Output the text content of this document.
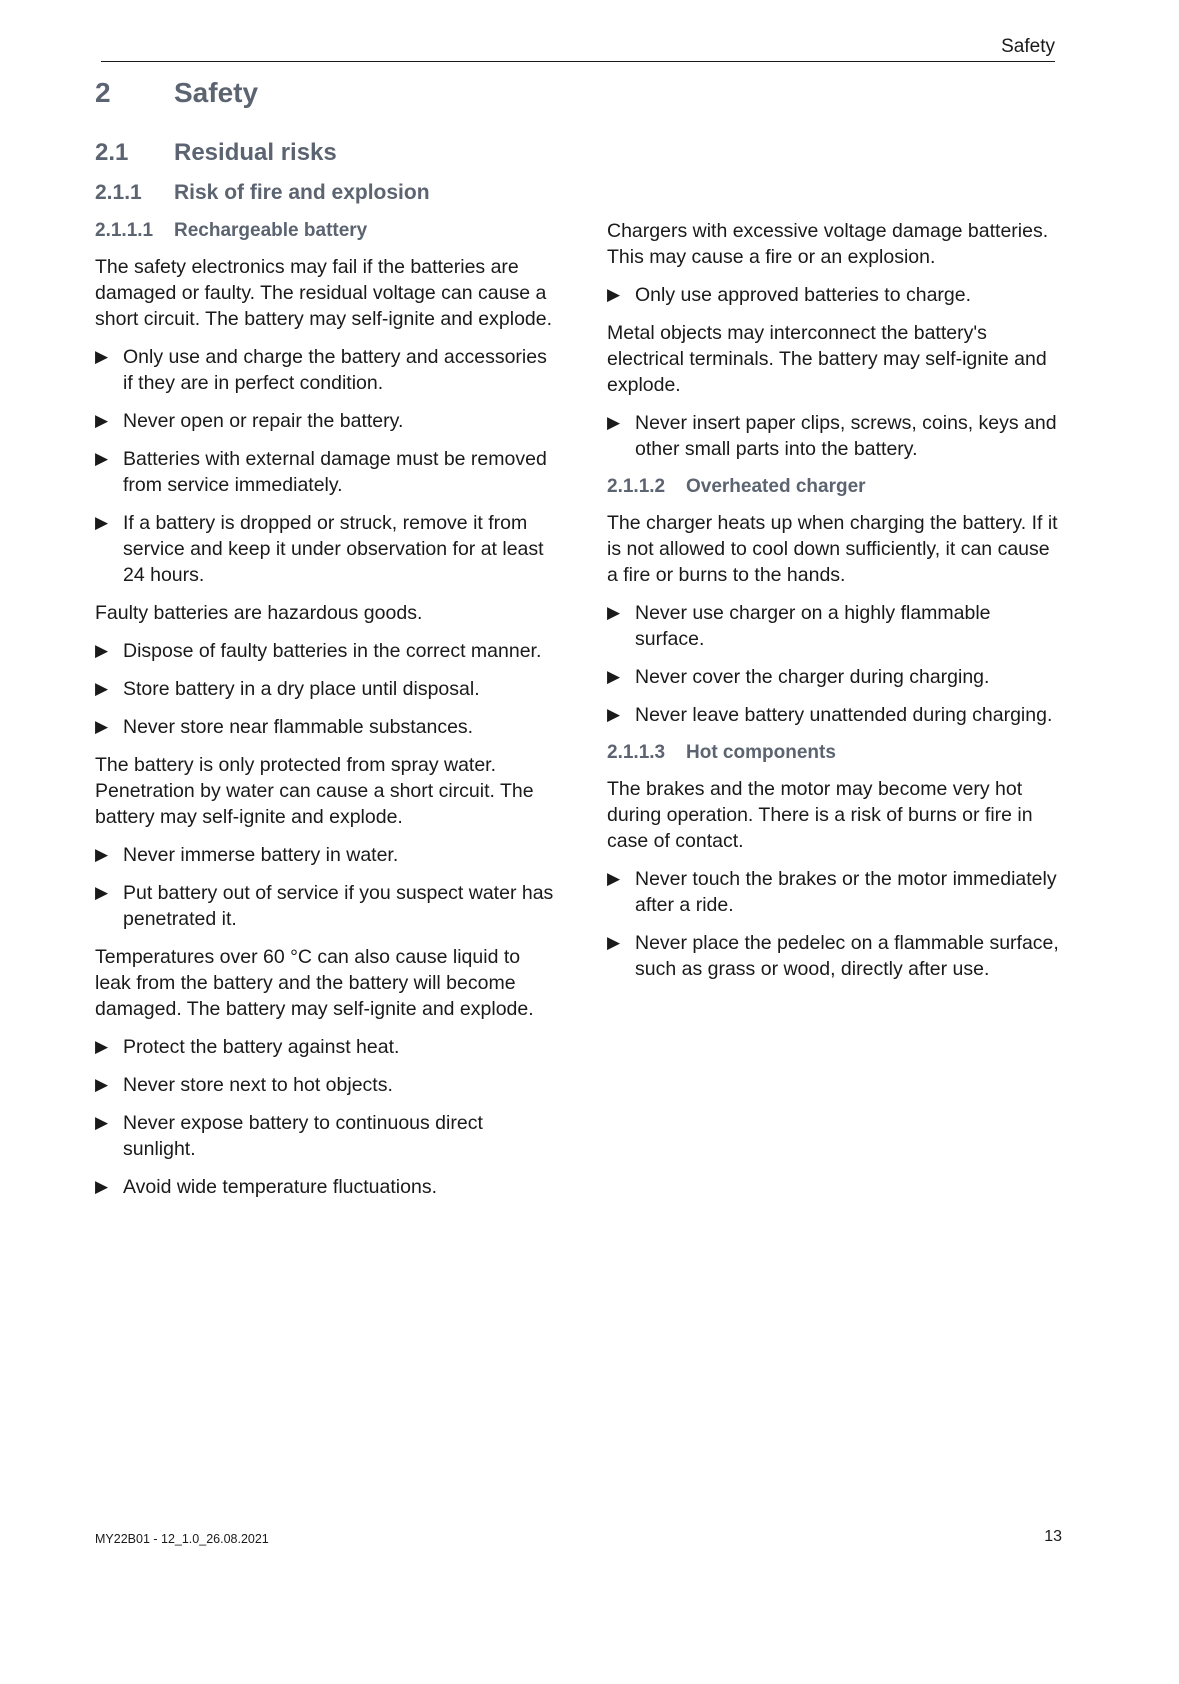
Safety
2	Safety
2.1	Residual risks
2.1.1	Risk of fire and explosion
2.1.1.1	Rechargeable battery

The safety electronics may fail if the batteries are damaged or faulty. The residual voltage can cause a short circuit. The battery may self-ignite and explode.

▶ Only use and charge the battery and accessories if they are in perfect condition.
▶ Never open or repair the battery.
▶ Batteries with external damage must be removed from service immediately.
▶ If a battery is dropped or struck, remove it from service and keep it under observation for at least 24 hours.

Faulty batteries are hazardous goods.

▶ Dispose of faulty batteries in the correct manner.
▶ Store battery in a dry place until disposal.
▶ Never store near flammable substances.

The battery is only protected from spray water. Penetration by water can cause a short circuit. The battery may self-ignite and explode.

▶ Never immerse battery in water.
▶ Put battery out of service if you suspect water has penetrated it.

Temperatures over 60 °C can also cause liquid to leak from the battery and the battery will become damaged. The battery may self-ignite and explode.

▶ Protect the battery against heat.
▶ Never store next to hot objects.
▶ Never expose battery to continuous direct sunlight.
▶ Avoid wide temperature fluctuations.

Chargers with excessive voltage damage batteries. This may cause a fire or an explosion.

▶ Only use approved batteries to charge.

Metal objects may interconnect the battery's electrical terminals. The battery may self-ignite and explode.

▶ Never insert paper clips, screws, coins, keys and other small parts into the battery.
2.1.1.2	Overheated charger

The charger heats up when charging the battery. If it is not allowed to cool down sufficiently, it can cause a fire or burns to the hands.

▶ Never use charger on a highly flammable surface.
▶ Never cover the charger during charging.
▶ Never leave battery unattended during charging.
2.1.1.3	Hot components

The brakes and the motor may become very hot during operation. There is a risk of burns or fire in case of contact.

▶ Never touch the brakes or the motor immediately after a ride.
▶ Never place the pedelec on a flammable surface, such as grass or wood, directly after use.
MY22B01 - 12_1.0_26.08.2021	13
